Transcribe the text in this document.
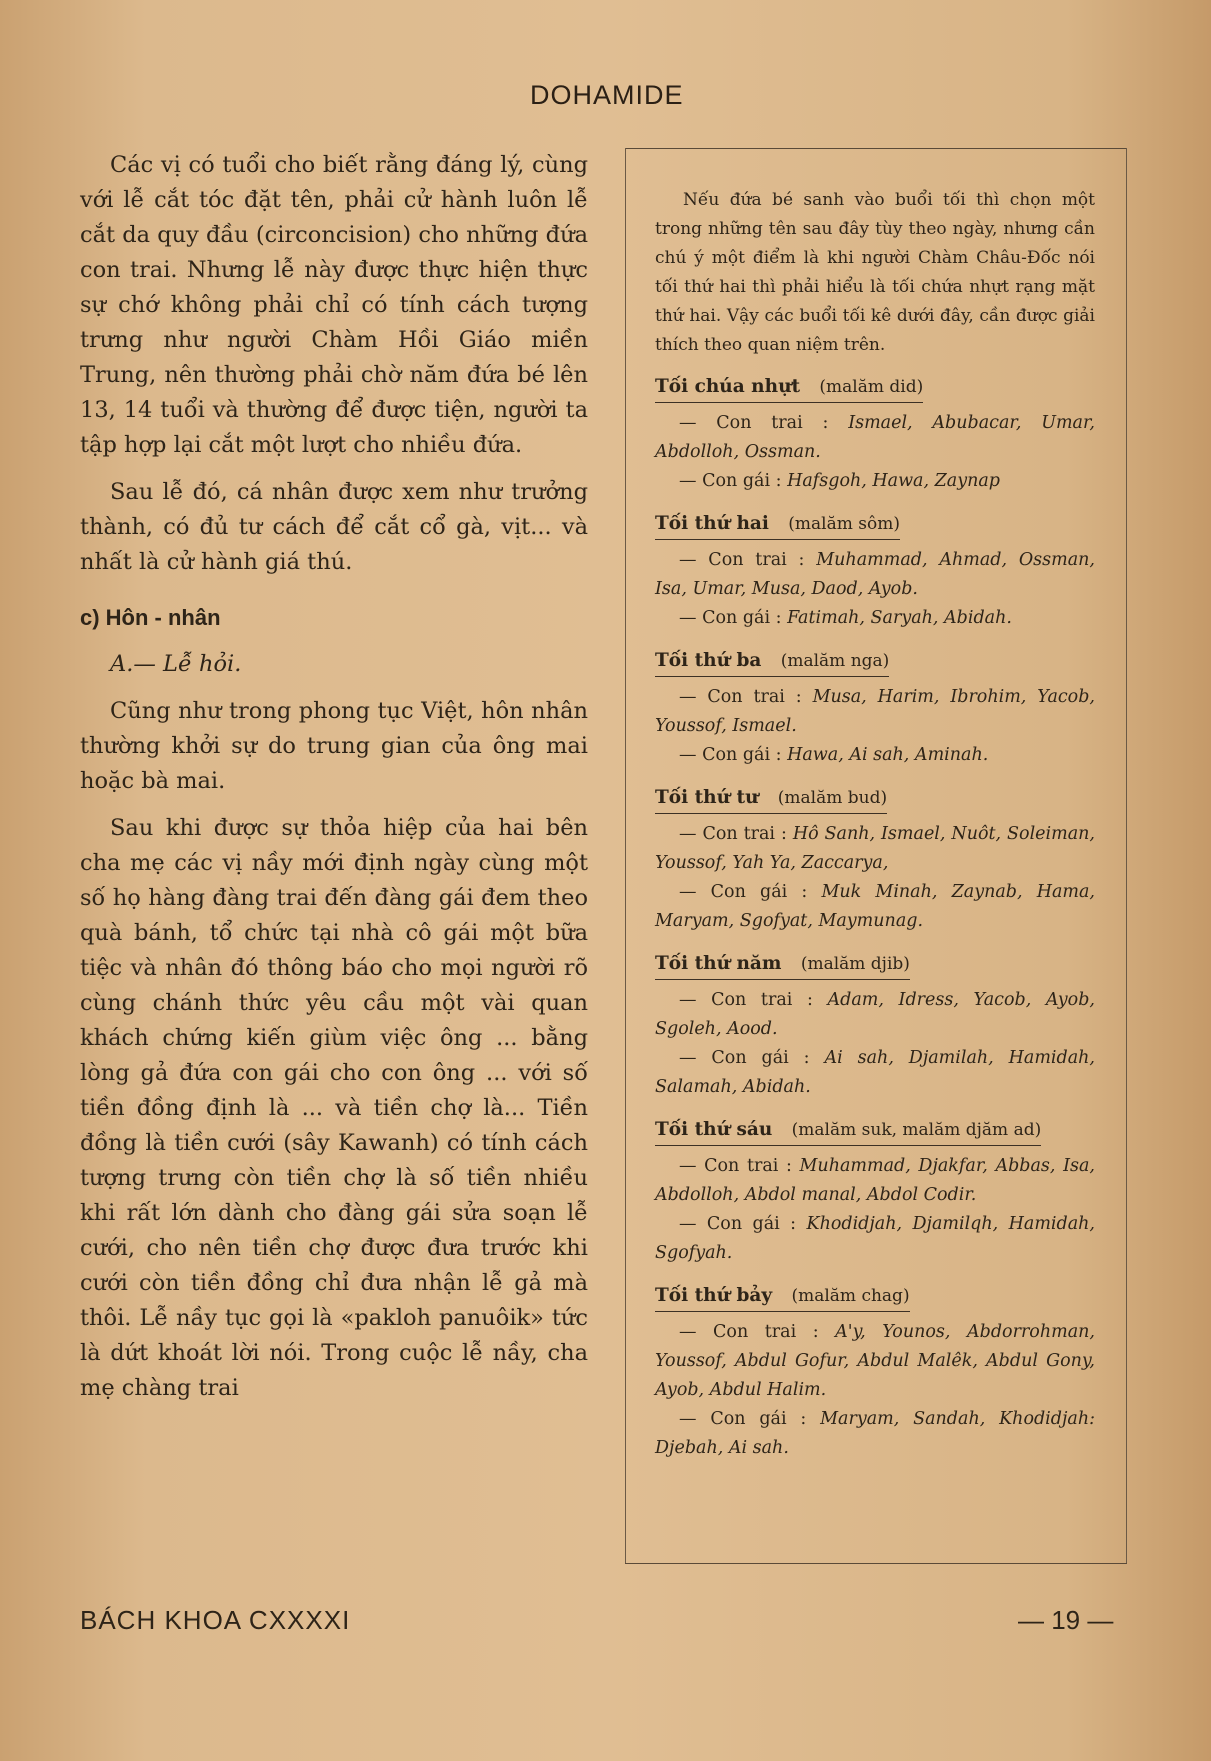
DOHAMIDE

Các vị có tuổi cho biết rằng đáng lý, cùng với lễ cắt tóc đặt tên, phải cử hành luôn lễ cắt da quy đầu (circoncision) cho những đứa con trai. Nhưng lễ này được thực hiện thực sự chớ không phải chỉ có tính cách tượng trưng như người Chàm Hồi Giáo miền Trung, nên thường phải chờ năm đứa bé lên 13, 14 tuổi và thường để được tiện, người ta tập hợp lại cắt một lượt cho nhiều đứa.

Sau lễ đó, cá nhân được xem như trưởng thành, có đủ tư cách để cắt cổ gà, vịt... và nhất là cử hành giá thú.

c) Hôn - nhân

A.— Lễ hỏi.

Cũng như trong phong tục Việt, hôn nhân thường khởi sự do trung gian của ông mai hoặc bà mai.

Sau khi được sự thỏa hiệp của hai bên cha mẹ các vị nầy mới định ngày cùng một số họ hàng đàng trai đến đàng gái đem theo quà bánh, tổ chức tại nhà cô gái một bữa tiệc và nhân đó thông báo cho mọi người rõ cùng chánh thức yêu cầu một vài quan khách chứng kiến giùm việc ông ... bằng lòng gả đứa con gái cho con ông ... với số tiền đồng định là ... và tiền chợ là... Tiền đồng là tiền cưới (sây Kawanh) có tính cách tượng trưng còn tiền chợ là số tiền nhiều khi rất lớn dành cho đàng gái sửa soạn lễ cưới, cho nên tiền chợ được đưa trước khi cưới còn tiền đồng chỉ đưa nhận lễ gả mà thôi. Lễ nầy tục gọi là «pakloh panuôik» tức là dứt khoát lời nói. Trong cuộc lễ nầy, cha mẹ chàng trai

Nếu đứa bé sanh vào buổi tối thì chọn một trong những tên sau đây tùy theo ngày, nhưng cần chú ý một điểm là khi người Chàm Châu-Đốc nói tối thứ hai thì phải hiểu là tối chứa nhựt rạng mặt thứ hai. Vậy các buổi tối kê dưới đây, cần được giải thích theo quan niệm trên.

Tối chúa nhựt (malăm did)

— Con trai : Ismael, Abubacar, Umar, Abdolloh, Ossman.

— Con gái : Hafsgoh, Hawa, Zaynap

Tối thứ hai (malăm sôm)

— Con trai : Muhammad, Ahmad, Ossman, Isa, Umar, Musa, Daod, Ayob.

— Con gái : Fatimah, Saryah, Abidah.

Tối thứ ba (malăm nga)

— Con trai : Musa, Harim, Ibrohim, Yacob, Youssof, Ismael.

— Con gái : Hawa, Ai sah, Aminah.

Tối thứ tư (malăm bud)

— Con trai : Hô Sanh, Ismael, Nuôt, Soleiman, Youssof, Yah Ya, Zaccarya,

— Con gái : Muk Minah, Zaynab, Hama, Maryam, Sgofyat, Maymunag.

Tối thứ năm (malăm djib)

— Con trai : Adam, Idress, Yacob, Ayob, Sgoleh, Aood.

— Con gái : Ai sah, Djamilah, Hamidah, Salamah, Abidah.

Tối thứ sáu (malăm suk, malăm djăm ad)

— Con trai : Muhammad, Djakfar, Abbas, Isa, Abdolloh, Abdol manal, Abdol Codir.

— Con gái : Khodidjah, Djamilqh, Hamidah, Sgofyah.

Tối thứ bảy (malăm chag)

— Con trai : A'y, Younos, Abdorrohman, Youssof, Abdul Gofur, Abdul Malêk, Abdul Gony, Ayob, Abdul Halim.

— Con gái : Maryam, Sandah, Khodidjah: Djebah, Ai sah.

BÁCH KHOA CXXXXI	— 19 —
